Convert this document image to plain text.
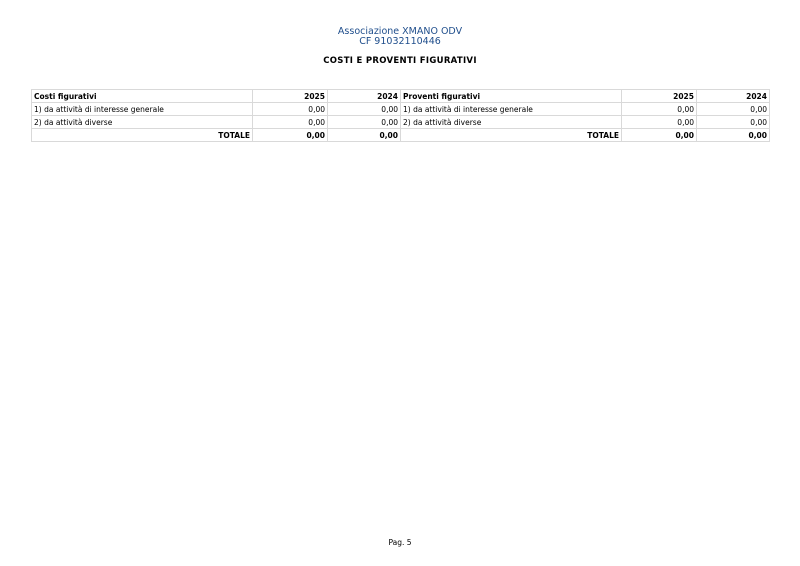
Associazione XMANO ODV
CF 91032110446
COSTI E PROVENTI FIGURATIVI
Costi figurativi	2025	2024	Proventi figurativi	2025	2024
1) da attività di interesse generale	0,00	0,00	1) da attività di interesse generale	0,00	0,00
2) da attività diverse	0,00	0,00	2) da attività diverse	0,00	0,00
TOTALE	0,00	0,00	TOTALE	0,00	0,00
Pag. 5
